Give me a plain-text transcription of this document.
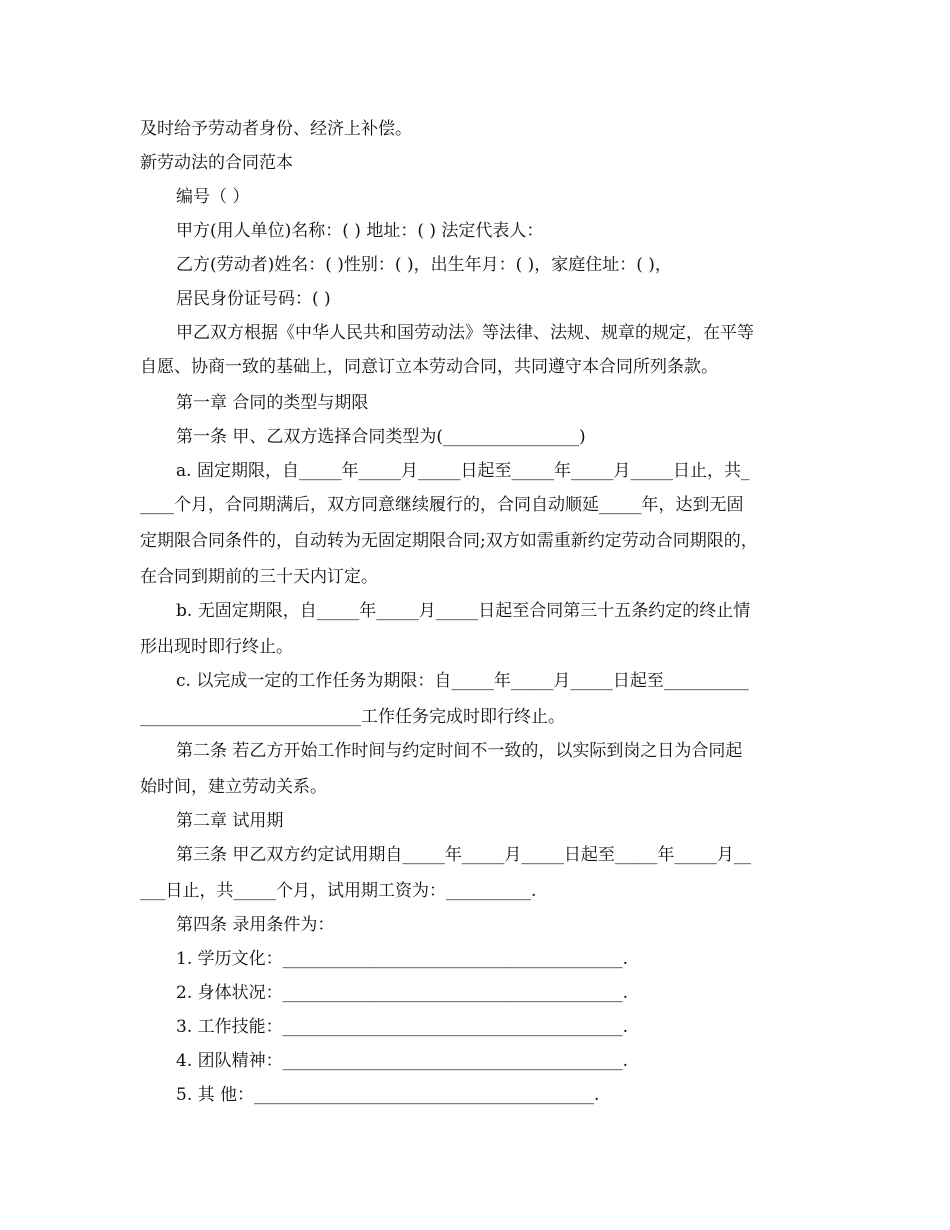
及时给予劳动者身份、经济上补偿。
新劳动法的合同范本
编号（ ）
甲方(用人单位)名称：( ) 地址：( ) 法定代表人：
乙方(劳动者)姓名：( )性别：( )，出生年月：( )，家庭住址：( )，
居民身份证号码：( )
甲乙双方根据《中华人民共和国劳动法》等法律、法规、规章的规定，在平等
自愿、协商一致的基础上，同意订立本劳动合同，共同遵守本合同所列条款。
第一章 合同的类型与期限
第一条 甲、乙双方选择合同类型为(________________)
a. 固定期限，自_____年_____月_____日起至_____年_____月_____日止，共_
____个月，合同期满后，双方同意继续履行的，合同自动顺延_____年，达到无固
定期限合同条件的，自动转为无固定期限合同;双方如需重新约定劳动合同期限的，
在合同到期前的三十天内订定。
b. 无固定期限，自_____年_____月_____日起至合同第三十五条约定的终止情
形出现时即行终止。
c. 以完成一定的工作任务为期限：自_____年_____月_____日起至__________
__________________________工作任务完成时即行终止。
第二条 若乙方开始工作时间与约定时间不一致的，以实际到岗之日为合同起
始时间，建立劳动关系。
第二章 试用期
第三条 甲乙双方约定试用期自_____年_____月_____日起至_____年_____月__
___日止，共_____个月，试用期工资为：__________.
第四条 录用条件为：
1. 学历文化：________________________________________.
2. 身体状况：________________________________________.
3. 工作技能：________________________________________.
4. 团队精神：________________________________________.
5. 其 他：________________________________________.
